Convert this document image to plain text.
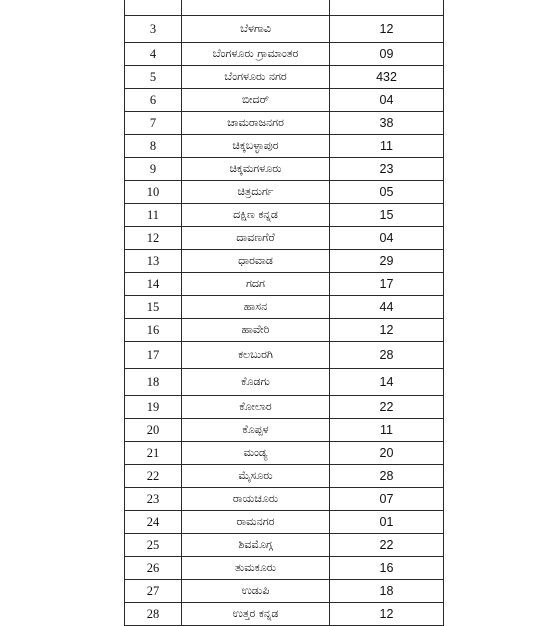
3	ಬೆಳಗಾವಿ	12
4	ಬೆಂಗಳೂರು ಗ್ರಾಮಾಂತರ	09
5	ಬೆಂಗಳೂರು ನಗರ	432
6	ಬೀದರ್	04
7	ಚಾಮರಾಜನಗರ	38
8	ಚಿಕ್ಕಬಳ್ಳಾಪುರ	11
9	ಚಿಕ್ಕಮಗಳೂರು	23
10	ಚಿತ್ರದುರ್ಗ	05
11	ದಕ್ಷಿಣ ಕನ್ನಡ	15
12	ದಾವಣಗೆರೆ	04
13	ಧಾರವಾಡ	29
14	ಗದಗ	17
15	ಹಾಸನ	44
16	ಹಾವೇರಿ	12
17	ಕಲಬುರಗಿ	28
18	ಕೊಡಗು	14
19	ಕೋಲಾರ	22
20	ಕೊಪ್ಪಳ	11
21	ಮಂಡ್ಯ	20
22	ಮೈಸೂರು	28
23	ರಾಯಚೂರು	07
24	ರಾಮನಗರ	01
25	ಶಿವಮೊಗ್ಗ	22
26	ತುಮಕೂರು	16
27	ಉಡುಪಿ	18
28	ಉತ್ತರ ಕನ್ನಡ	12
